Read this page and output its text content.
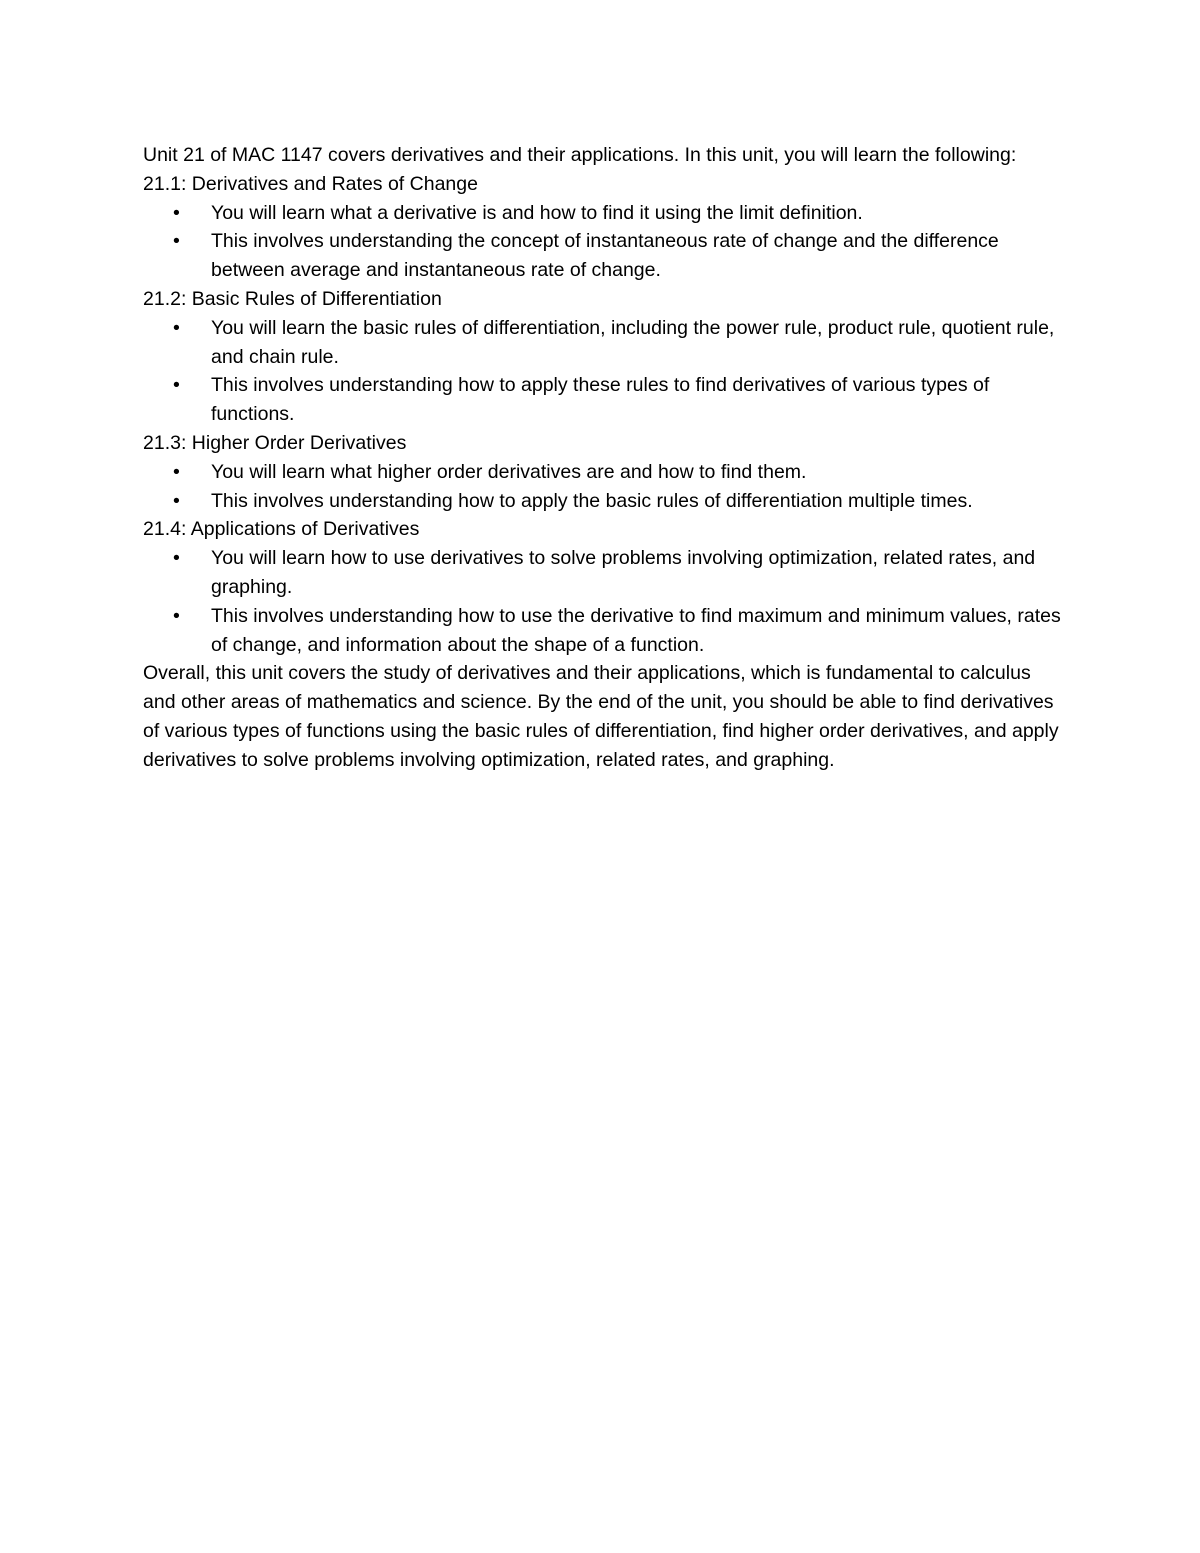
Unit 21 of MAC 1147 covers derivatives and their applications. In this unit, you will learn the following:

21.1: Derivatives and Rates of Change

• You will learn what a derivative is and how to find it using the limit definition.
• This involves understanding the concept of instantaneous rate of change and the difference between average and instantaneous rate of change.

21.2: Basic Rules of Differentiation

• You will learn the basic rules of differentiation, including the power rule, product rule, quotient rule, and chain rule.
• This involves understanding how to apply these rules to find derivatives of various types of functions.

21.3: Higher Order Derivatives

• You will learn what higher order derivatives are and how to find them.
• This involves understanding how to apply the basic rules of differentiation multiple times.

21.4: Applications of Derivatives

• You will learn how to use derivatives to solve problems involving optimization, related rates, and graphing.
• This involves understanding how to use the derivative to find maximum and minimum values, rates of change, and information about the shape of a function.

Overall, this unit covers the study of derivatives and their applications, which is fundamental to calculus and other areas of mathematics and science. By the end of the unit, you should be able to find derivatives of various types of functions using the basic rules of differentiation, find higher order derivatives, and apply derivatives to solve problems involving optimization, related rates, and graphing.
